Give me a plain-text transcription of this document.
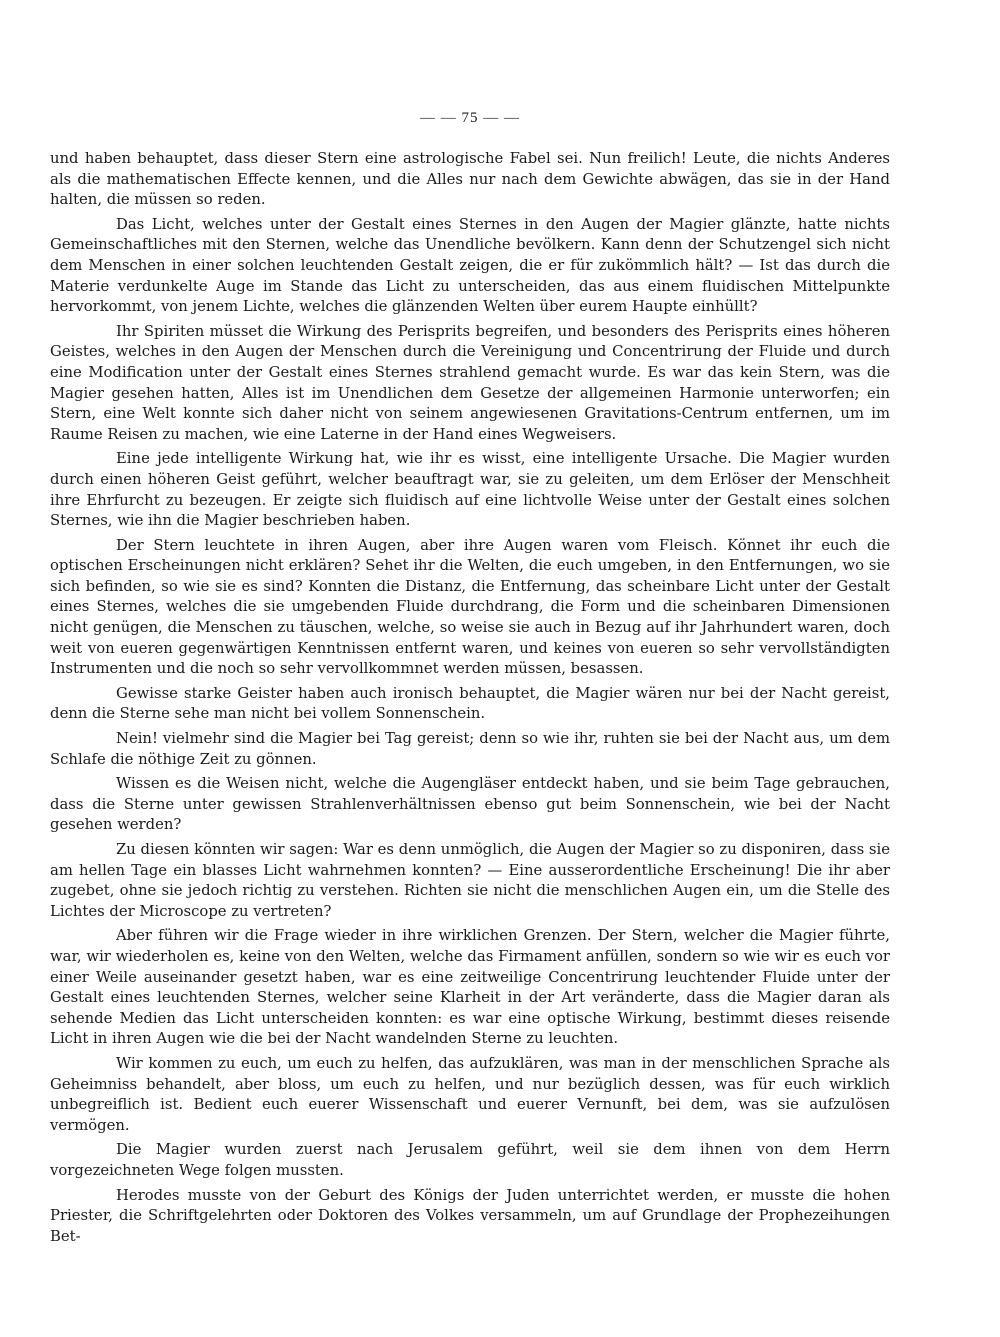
— — 75 — —

und haben behauptet, dass dieser Stern eine astrologische Fabel sei. Nun freilich! Leute, die nichts Anderes als die mathematischen Effecte kennen, und die Alles nur nach dem Gewichte abwägen, das sie in der Hand halten, die müssen so reden.

Das Licht, welches unter der Gestalt eines Sternes in den Augen der Magier glänzte, hatte nichts Gemeinschaftliches mit den Sternen, welche das Unendliche bevölkern. Kann denn der Schutzengel sich nicht dem Menschen in einer solchen leuchtenden Gestalt zeigen, die er für zukömmlich hält? — Ist das durch die Materie verdunkelte Auge im Stande das Licht zu unterscheiden, das aus einem fluidischen Mittelpunkte hervorkommt, von jenem Lichte, welches die glänzenden Welten über eurem Haupte einhüllt?

Ihr Spiriten müsset die Wirkung des Perisprits begreifen, und besonders des Perisprits eines höheren Geistes, welches in den Augen der Menschen durch die Vereinigung und Concentrirung der Fluide und durch eine Modification unter der Gestalt eines Sternes strahlend gemacht wurde. Es war das kein Stern, was die Magier gesehen hatten, Alles ist im Unendlichen dem Gesetze der allgemeinen Harmonie unterworfen; ein Stern, eine Welt konnte sich daher nicht von seinem angewiesenen Gravitations-Centrum entfernen, um im Raume Reisen zu machen, wie eine Laterne in der Hand eines Wegweisers.

Eine jede intelligente Wirkung hat, wie ihr es wisst, eine intelligente Ursache. Die Magier wurden durch einen höheren Geist geführt, welcher beauftragt war, sie zu geleiten, um dem Erlöser der Menschheit ihre Ehrfurcht zu bezeugen. Er zeigte sich fluidisch auf eine lichtvolle Weise unter der Gestalt eines solchen Sternes, wie ihn die Magier beschrieben haben.

Der Stern leuchtete in ihren Augen, aber ihre Augen waren vom Fleisch. Könnet ihr euch die optischen Erscheinungen nicht erklären? Sehet ihr die Welten, die euch umgeben, in den Entfernungen, wo sie sich befinden, so wie sie es sind? Konnten die Distanz, die Entfernung, das scheinbare Licht unter der Gestalt eines Sternes, welches die sie umgebenden Fluide durchdrang, die Form und die scheinbaren Dimensionen nicht genügen, die Menschen zu täuschen, welche, so weise sie auch in Bezug auf ihr Jahrhundert waren, doch weit von eueren gegenwärtigen Kenntnissen entfernt waren, und keines von eueren so sehr vervollständigten Instrumenten und die noch so sehr vervollkommnet werden müssen, besassen.

Gewisse starke Geister haben auch ironisch behauptet, die Magier wären nur bei der Nacht gereist, denn die Sterne sehe man nicht bei vollem Sonnenschein.

Nein! vielmehr sind die Magier bei Tag gereist; denn so wie ihr, ruhten sie bei der Nacht aus, um dem Schlafe die nöthige Zeit zu gönnen.

Wissen es die Weisen nicht, welche die Augengläser entdeckt haben, und sie beim Tage gebrauchen, dass die Sterne unter gewissen Strahlenverhältnissen ebenso gut beim Sonnenschein, wie bei der Nacht gesehen werden?

Zu diesen könnten wir sagen: War es denn unmöglich, die Augen der Magier so zu disponiren, dass sie am hellen Tage ein blasses Licht wahrnehmen konnten? — Eine ausserordentliche Erscheinung! Die ihr aber zugebet, ohne sie jedoch richtig zu verstehen. Richten sie nicht die menschlichen Augen ein, um die Stelle des Lichtes der Microscope zu vertreten?

Aber führen wir die Frage wieder in ihre wirklichen Grenzen. Der Stern, welcher die Magier führte, war, wir wiederholen es, keine von den Welten, welche das Firmament anfüllen, sondern so wie wir es euch vor einer Weile auseinander gesetzt haben, war es eine zeitweilige Concentrirung leuchtender Fluide unter der Gestalt eines leuchtenden Sternes, welcher seine Klarheit in der Art veränderte, dass die Magier daran als sehende Medien das Licht unterscheiden konnten: es war eine optische Wirkung, bestimmt dieses reisende Licht in ihren Augen wie die bei der Nacht wandelnden Sterne zu leuchten.

Wir kommen zu euch, um euch zu helfen, das aufzuklären, was man in der menschlichen Sprache als Geheimniss behandelt, aber bloss, um euch zu helfen, und nur bezüglich dessen, was für euch wirklich unbegreiflich ist. Bedient euch euerer Wissenschaft und euerer Vernunft, bei dem, was sie aufzulösen vermögen.

Die Magier wurden zuerst nach Jerusalem geführt, weil sie dem ihnen von dem Herrn vorgezeichneten Wege folgen mussten.

Herodes musste von der Geburt des Königs der Juden unterrichtet werden, er musste die hohen Priester, die Schriftgelehrten oder Doktoren des Volkes versammeln, um auf Grundlage der Prophezeihungen Bet-
